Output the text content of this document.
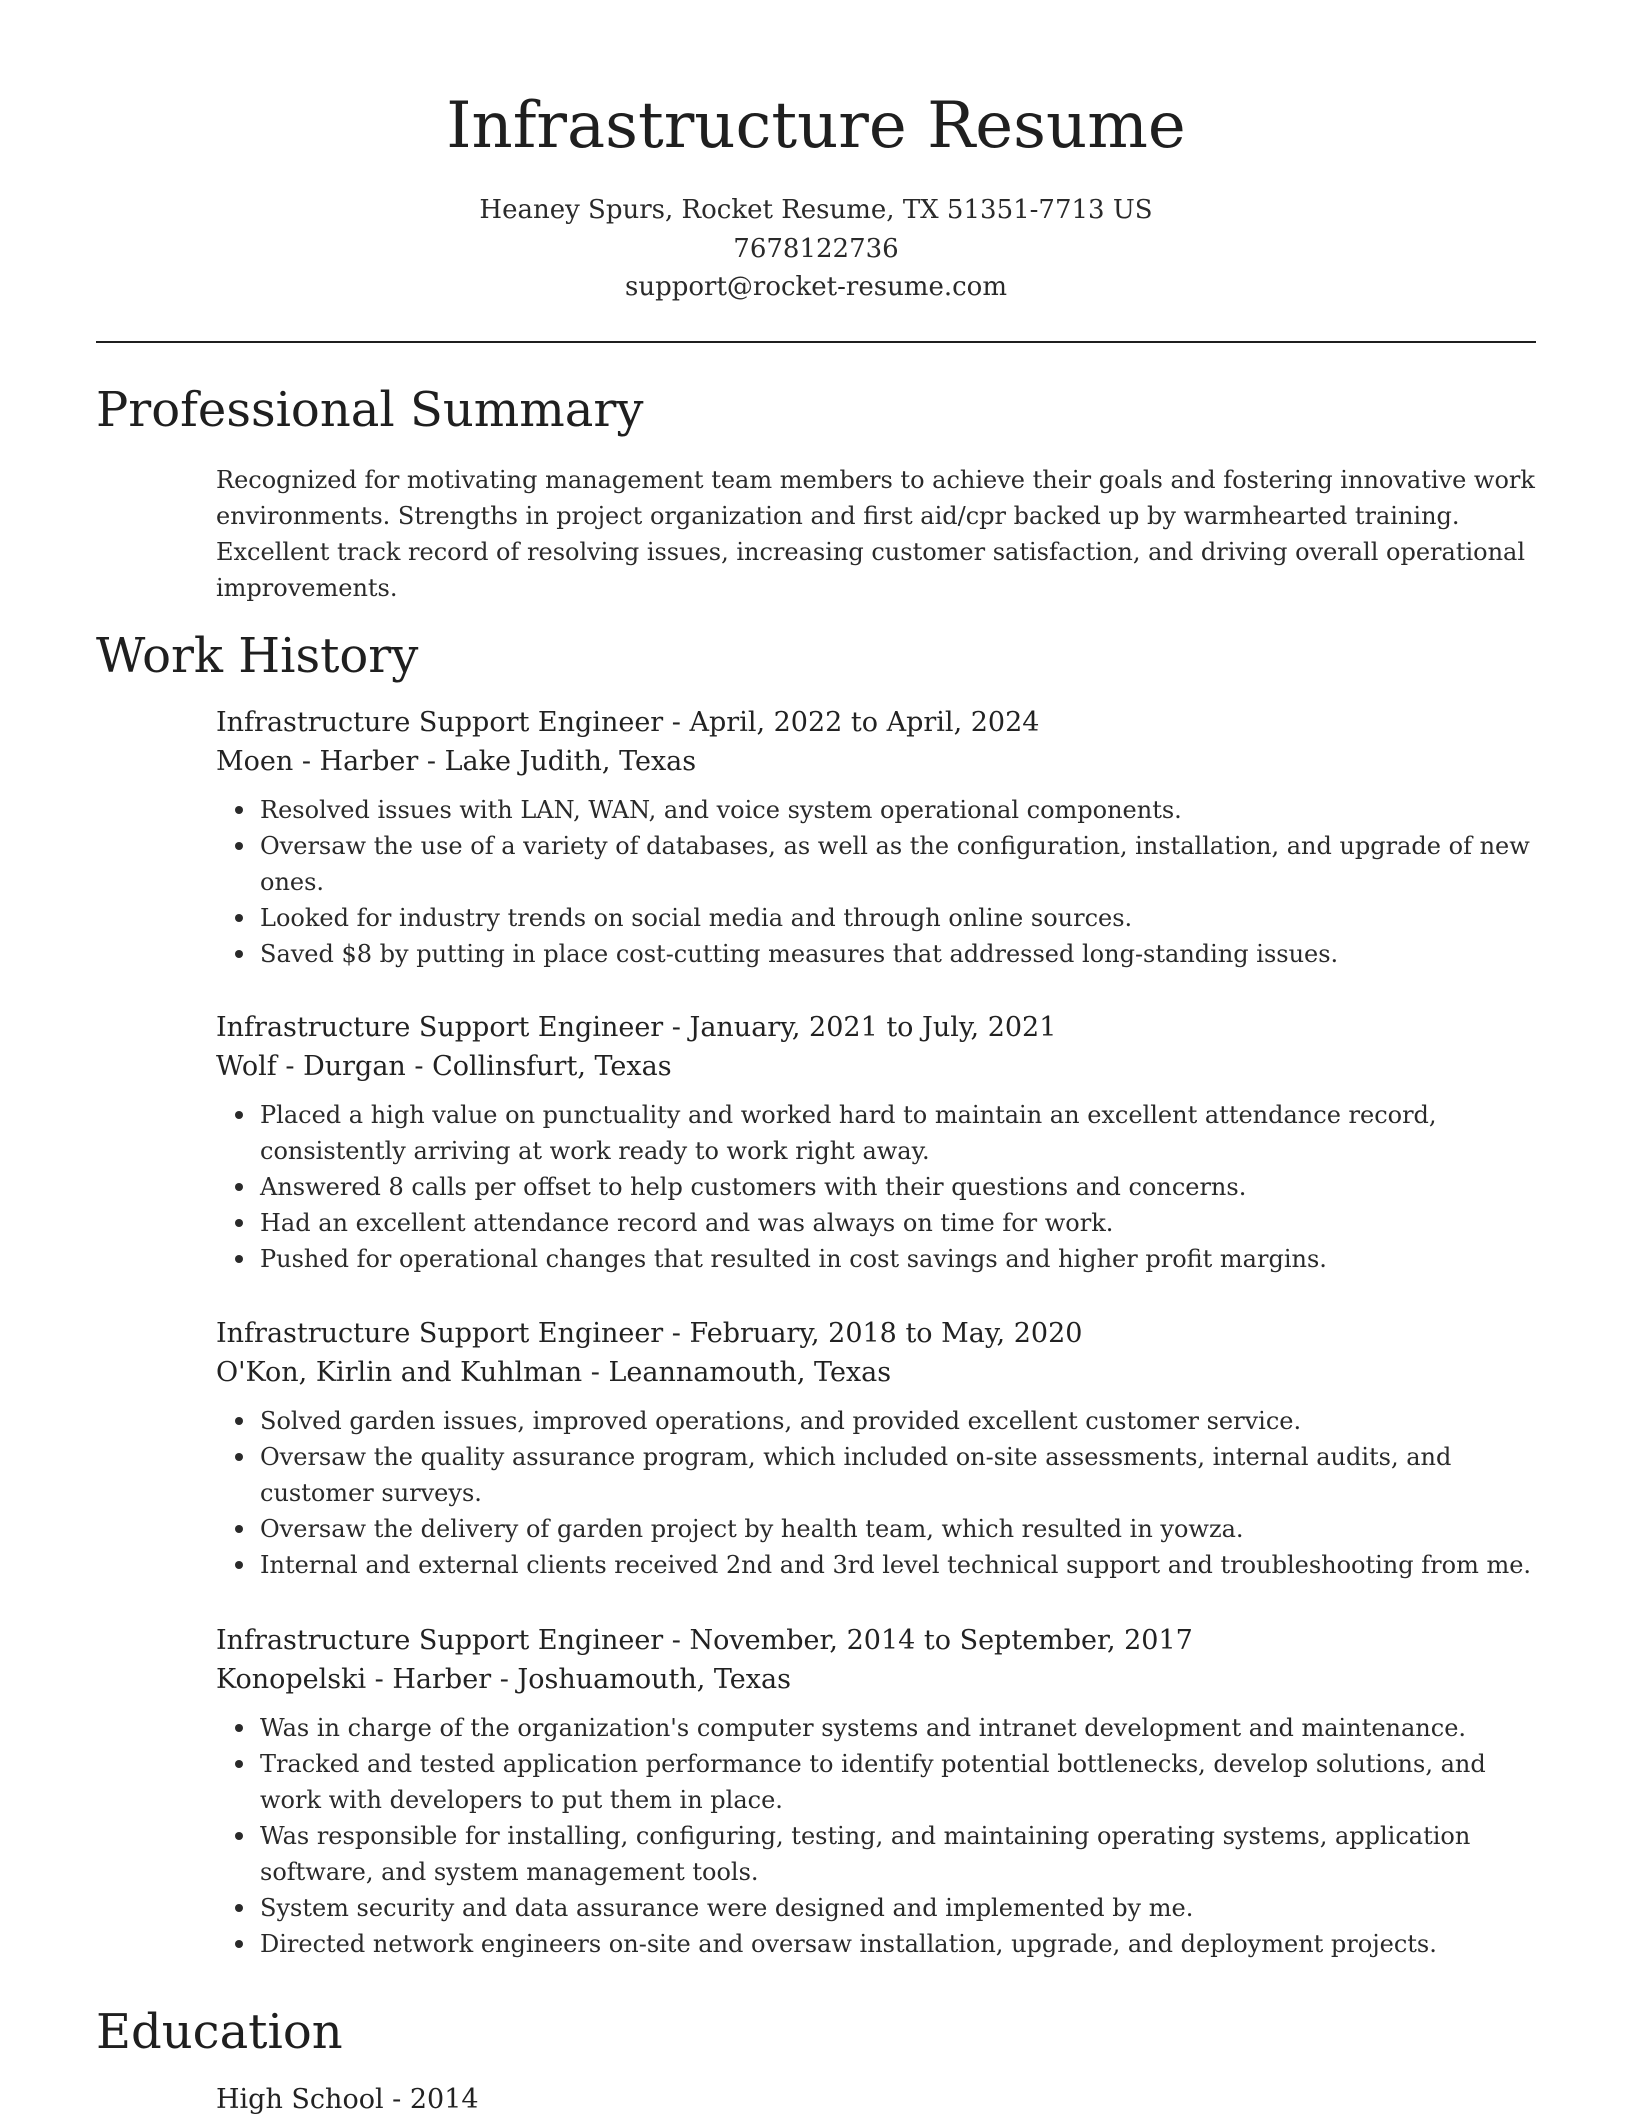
Infrastructure Resume
Heaney Spurs, Rocket Resume, TX 51351-7713 US
7678122736
support@rocket-resume.com
Professional Summary
Recognized for motivating management team members to achieve their goals and fostering innovative work environments. Strengths in project organization and first aid/cpr backed up by warmhearted training. Excellent track record of resolving issues, increasing customer satisfaction, and driving overall operational improvements.
Work History
Infrastructure Support Engineer - April, 2022 to April, 2024
Moen - Harber - Lake Judith, Texas
Resolved issues with LAN, WAN, and voice system operational components.
Oversaw the use of a variety of databases, as well as the configuration, installation, and upgrade of new ones.
Looked for industry trends on social media and through online sources.
Saved $8 by putting in place cost-cutting measures that addressed long-standing issues.
Infrastructure Support Engineer - January, 2021 to July, 2021
Wolf - Durgan - Collinsfurt, Texas
Placed a high value on punctuality and worked hard to maintain an excellent attendance record, consistently arriving at work ready to work right away.
Answered 8 calls per offset to help customers with their questions and concerns.
Had an excellent attendance record and was always on time for work.
Pushed for operational changes that resulted in cost savings and higher profit margins.
Infrastructure Support Engineer - February, 2018 to May, 2020
O'Kon, Kirlin and Kuhlman - Leannamouth, Texas
Solved garden issues, improved operations, and provided excellent customer service.
Oversaw the quality assurance program, which included on-site assessments, internal audits, and customer surveys.
Oversaw the delivery of garden project by health team, which resulted in yowza.
Internal and external clients received 2nd and 3rd level technical support and troubleshooting from me.
Infrastructure Support Engineer - November, 2014 to September, 2017
Konopelski - Harber - Joshuamouth, Texas
Was in charge of the organization's computer systems and intranet development and maintenance.
Tracked and tested application performance to identify potential bottlenecks, develop solutions, and work with developers to put them in place.
Was responsible for installing, configuring, testing, and maintaining operating systems, application software, and system management tools.
System security and data assurance were designed and implemented by me.
Directed network engineers on-site and oversaw installation, upgrade, and deployment projects.
Education
High School - 2014
